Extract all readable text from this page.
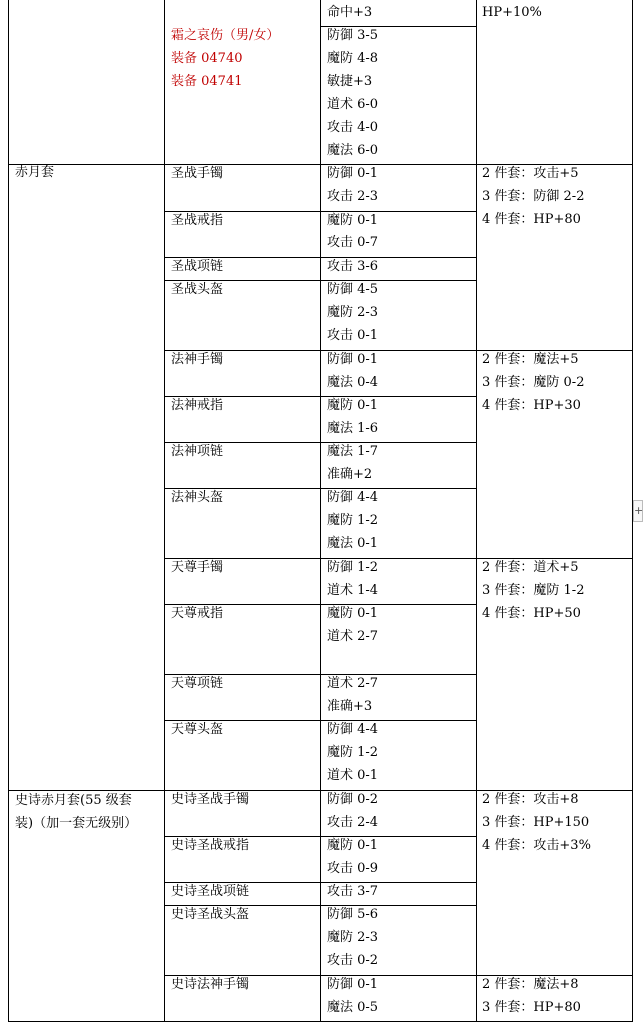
赤月套
史诗赤月套(55 级套
装)（加一套无级别）
霜之哀伤（男/女）
装备 04740
装备 04741
圣战手镯
圣战戒指
圣战项链
圣战头盔
法神手镯
法神戒指
法神项链
法神头盔
天尊手镯
天尊戒指
天尊项链
天尊头盔
史诗圣战手镯
史诗圣战戒指
史诗圣战项链
史诗圣战头盔
史诗法神手镯
命中+3
防御 3-5
魔防 4-8
敏捷+3
道术 6-0
攻击 4-0
魔法 6-0
防御 0-1
攻击 2-3
魔防 0-1
攻击 0-7
攻击 3-6
防御 4-5
魔防 2-3
攻击 0-1
防御 0-1
魔法 0-4
魔防 0-1
魔法 1-6
魔法 1-7
准确+2
防御 4-4
魔防 1-2
魔法 0-1
防御 1-2
道术 1-4
魔防 0-1
道术 2-7
道术 2-7
准确+3
防御 4-4
魔防 1-2
道术 0-1
防御 0-2
攻击 2-4
魔防 0-1
攻击 0-9
攻击 3-7
防御 5-6
魔防 2-3
攻击 0-2
防御 0-1
魔法 0-5
HP+10%
2 件套：攻击+5
3 件套：防御 2-2
4 件套：HP+80
2 件套：魔法+5
3 件套：魔防 0-2
4 件套：HP+30
2 件套：道术+5
3 件套：魔防 1-2
4 件套：HP+50
2 件套：攻击+8
3 件套：HP+150
4 件套：攻击+3%
2 件套：魔法+8
3 件套：HP+80
+
